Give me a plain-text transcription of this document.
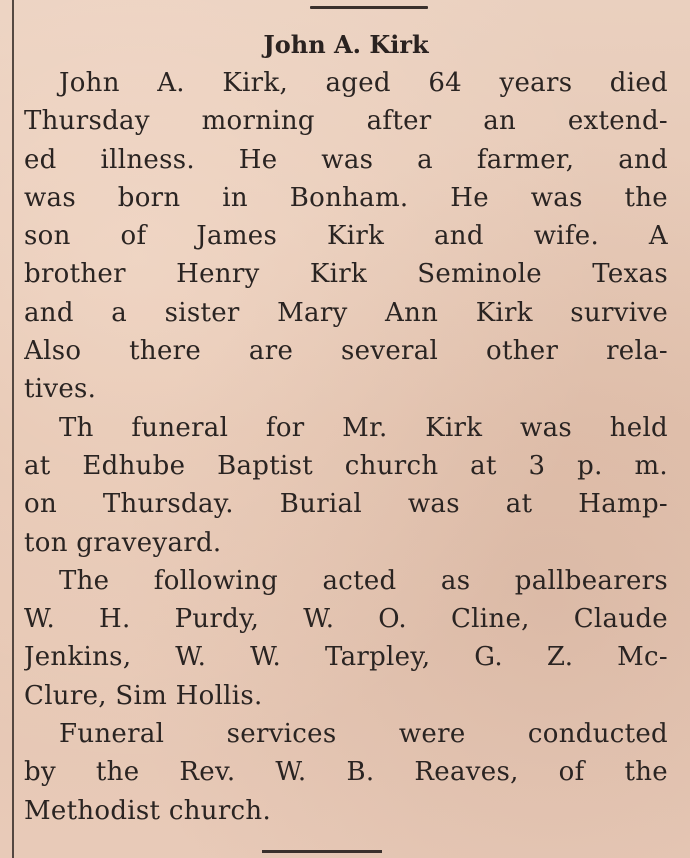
John A. Kirk
John A. Kirk, aged 64 years died
Thursday morning after an extend-
ed illness. He was a farmer, and
was born in Bonham. He was the
son of James Kirk and wife. A
brother Henry Kirk Seminole Texas
and a sister Mary Ann Kirk survive
Also there are several other rela-
tives.
Th funeral for Mr. Kirk was held
at Edhube Baptist church at 3 p. m.
on Thursday. Burial was at Hamp-
ton graveyard.
The following acted as pallbearers
W. H. Purdy, W. O. Cline, Claude
Jenkins, W. W. Tarpley, G. Z. Mc-
Clure, Sim Hollis.
Funeral services were conducted
by the Rev. W. B. Reaves, of the
Methodist church.
